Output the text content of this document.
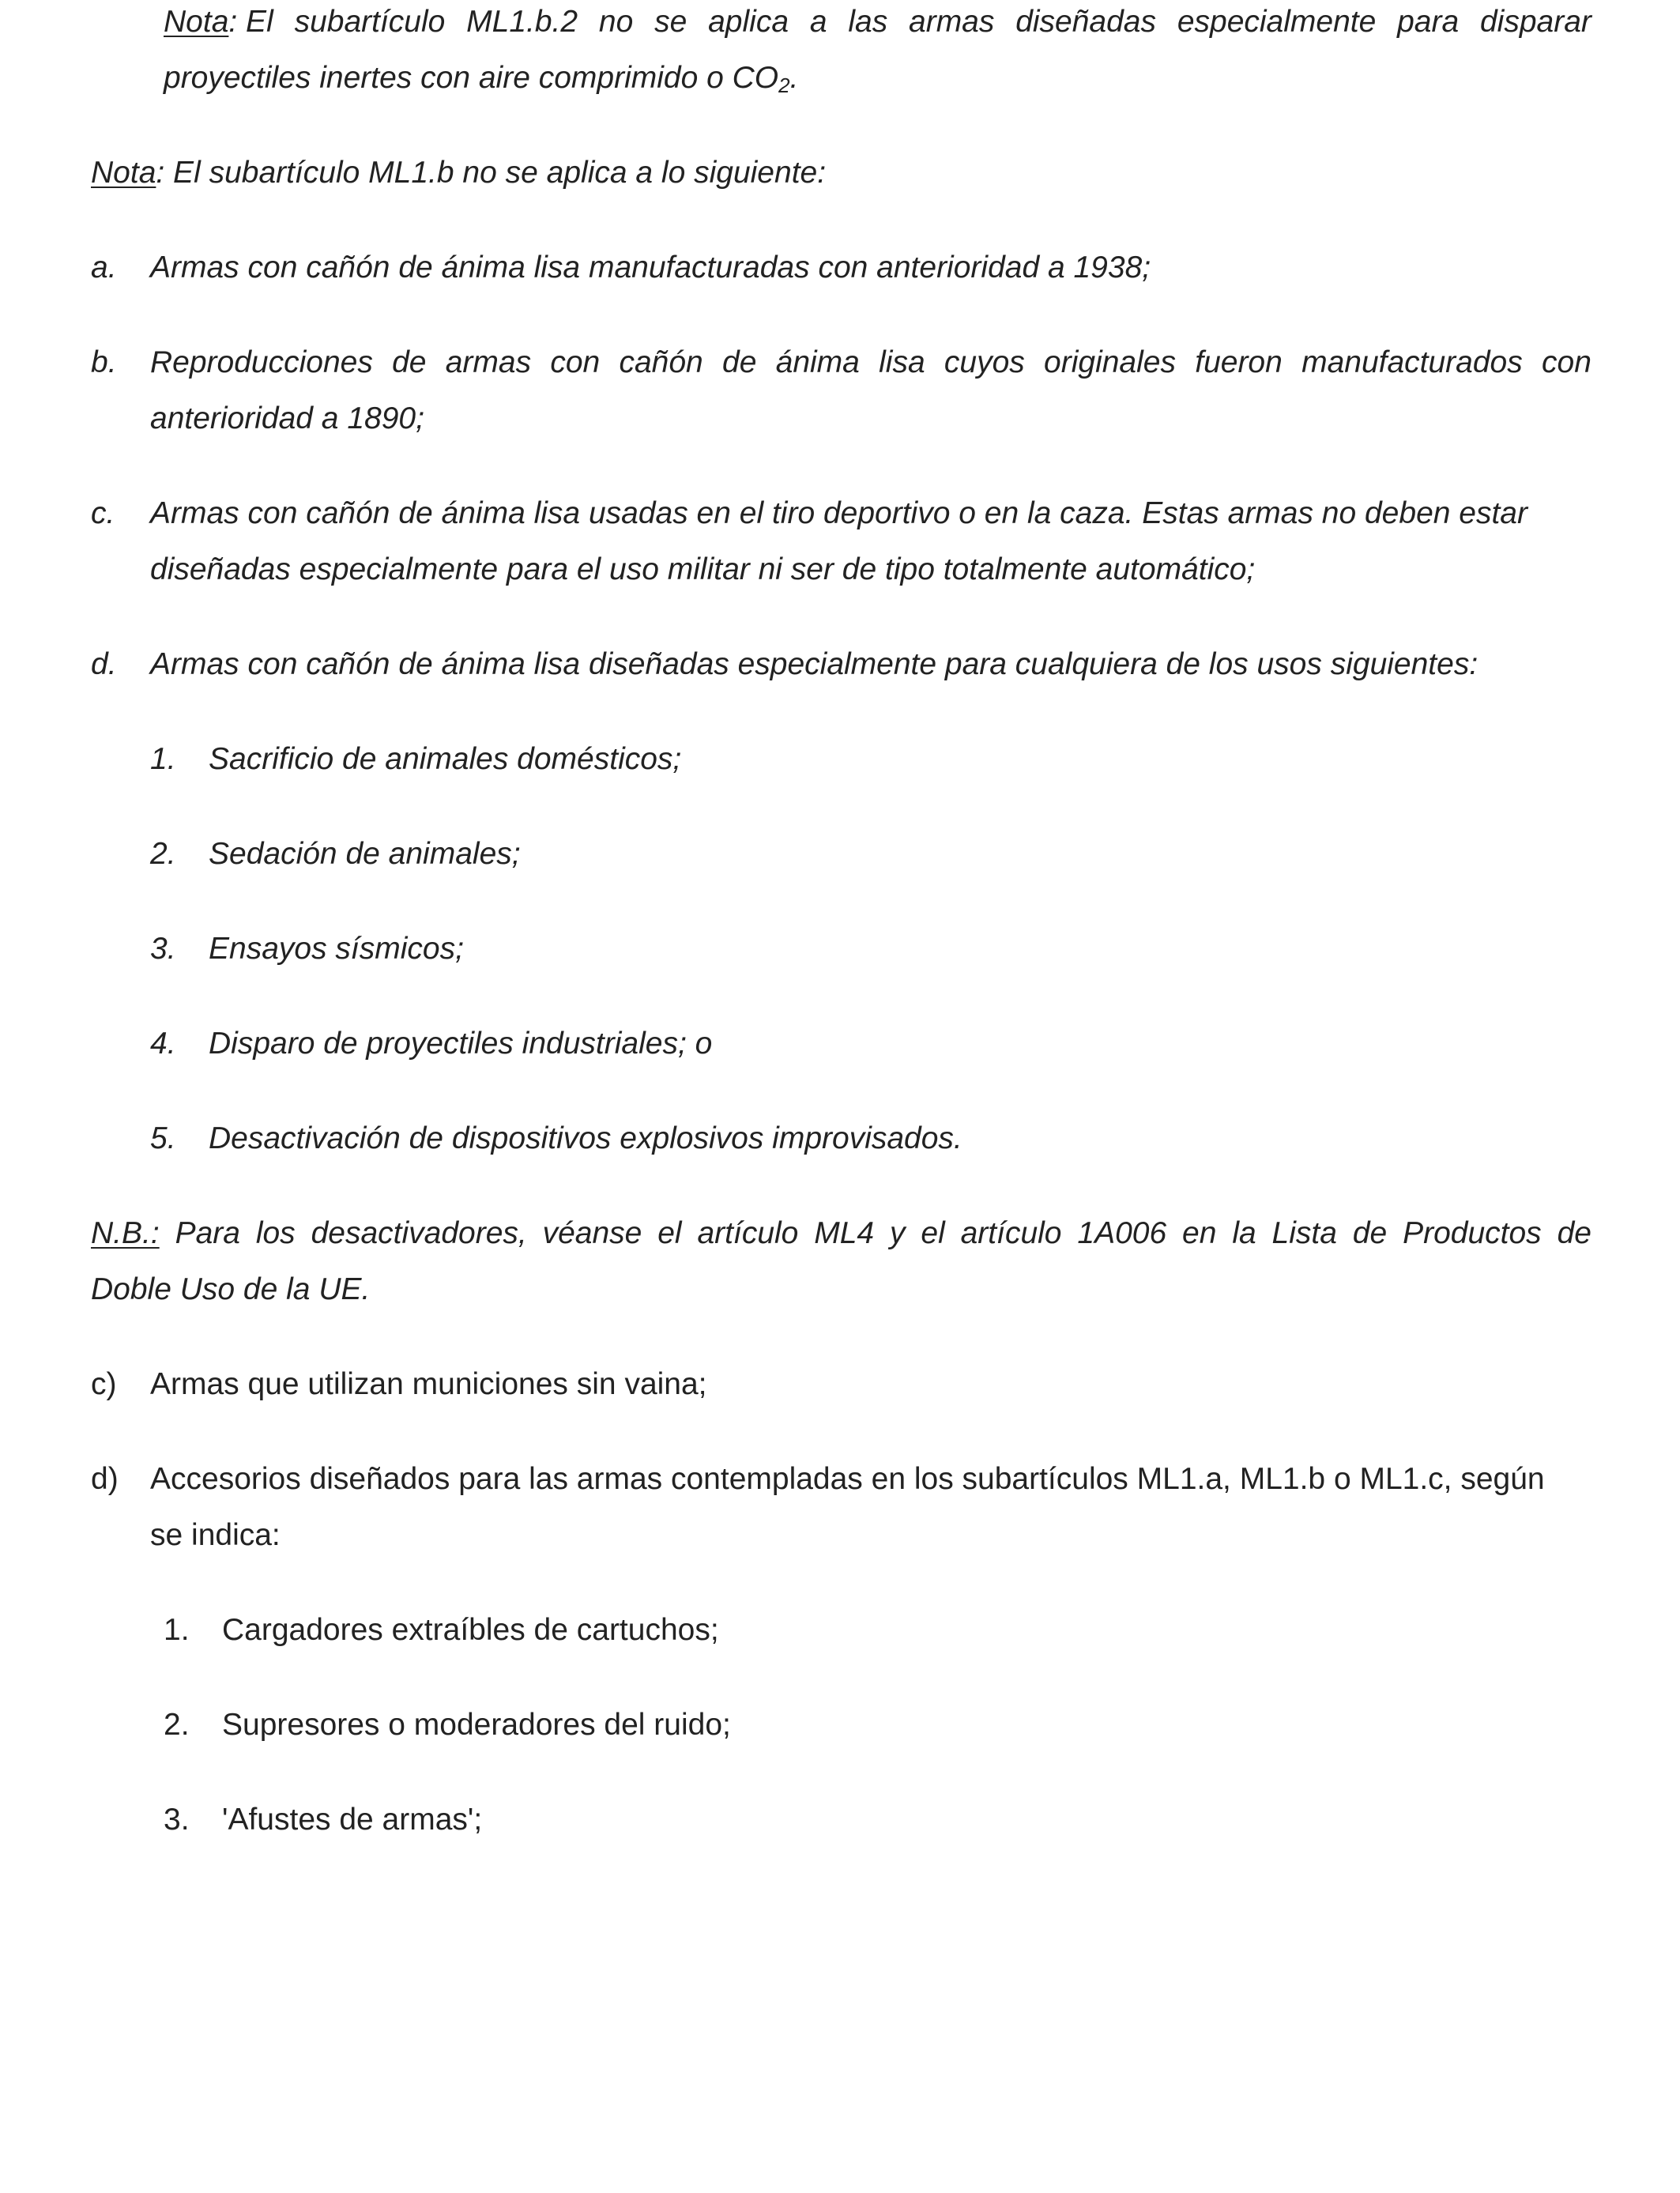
Nota: El subartículo ML1.b.2 no se aplica a las armas diseñadas especialmente para disparar
proyectiles inertes con aire comprimido o $CO_2$.
Nota: El subartículo ML1.b no se aplica a lo siguiente:
a. Armas con cañón de ánima lisa manufacturadas con anterioridad a 1938;
b. Reproducciones de armas con cañón de ánima lisa cuyos originales fueron manufacturados con
anterioridad a 1890;
c. Armas con cañón de ánima lisa usadas en el tiro deportivo o en la caza. Estas armas no deben estar
diseñadas especialmente para el uso militar ni ser de tipo totalmente automático;
d. Armas con cañón de ánima lisa diseñadas especialmente para cualquiera de los usos siguientes:
1. Sacrificio de animales domésticos;
2. Sedación de animales;
3. Ensayos sísmicos;
4. Disparo de proyectiles industriales; o
5. Desactivación de dispositivos explosivos improvisados.
N.B.: Para los desactivadores, véanse el artículo ML4 y el artículo 1A006 en la Lista de Productos de
Doble Uso de la UE.
c) Armas que utilizan municiones sin vaina;
d) Accesorios diseñados para las armas contempladas en los subartículos ML1.a, ML1.b o ML1.c, según
se indica:
1. Cargadores extraíbles de cartuchos;
2. Supresores o moderadores del ruido;
3. 'Afustes de armas';
